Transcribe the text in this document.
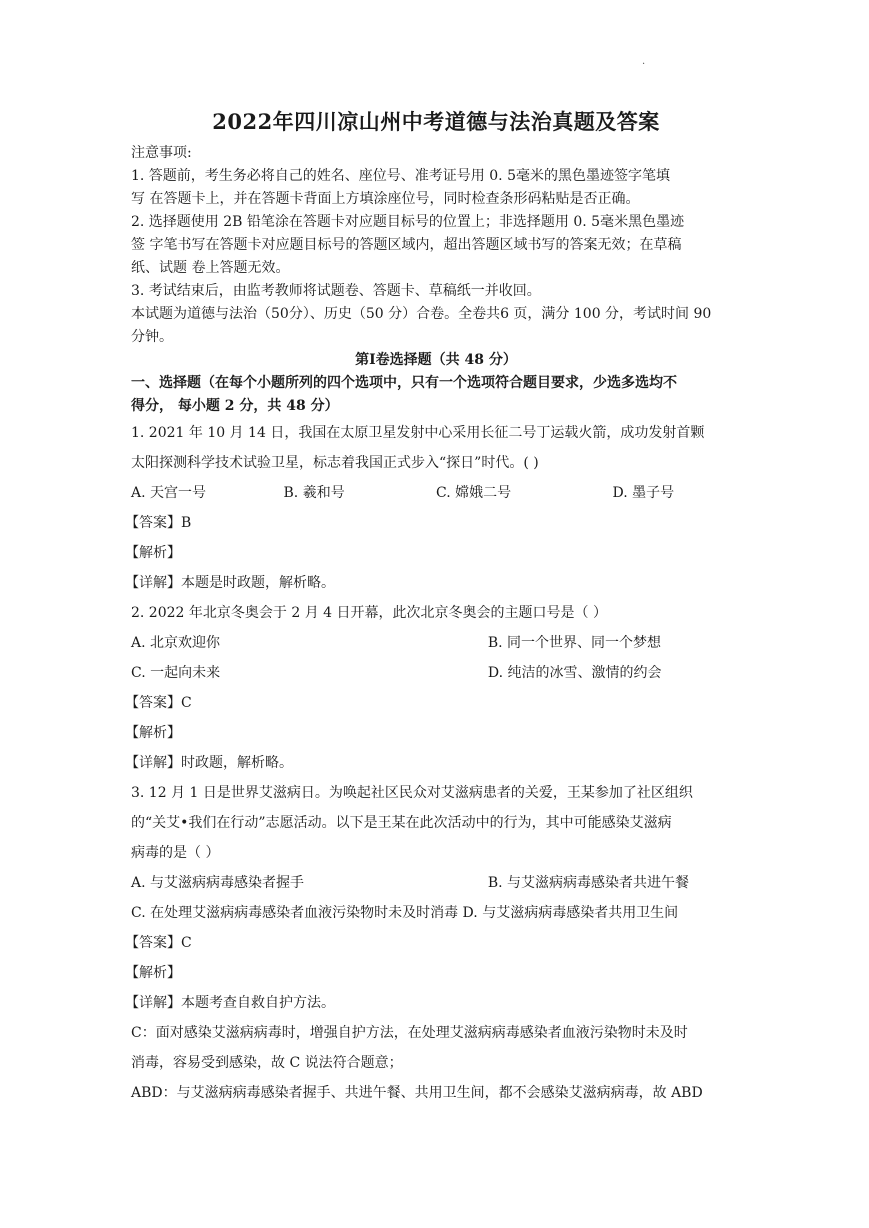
.
2022年四川凉山州中考道德与法治真题及答案

注意事项:

1. 答题前，考生务必将自己的姓名、座位号、准考证号用 0. 5毫米的黑色墨迹签字笔填

写 在答题卡上，并在答题卡背面上方填涂座位号，同时检查条形码粘贴是否正确。

2. 选择题使用 2B 铅笔涂在答题卡对应题目标号的位置上；非选择题用 0. 5毫米黑色墨迹

签 字笔书写在答题卡对应题目标号的答题区域内，超出答题区域书写的答案无效；在草稿

纸、试题 卷上答题无效。

3. 考试结束后，由监考教师将试题卷、答题卡、草稿纸一并收回。

本试题为道德与法治（50分）、历史（50 分）合卷。全卷共6 页，满分 100 分，考试时间 90

分钟。

第Ⅰ卷选择题（共 48 分）

一、选择题（在每个小题所列的四个选项中，只有一个选项符合题目要求，少选多选均不

得分， 每小题 2 分，共 48 分）

1. 2021 年 10 月 14 日，我国在太原卫星发射中心采用长征二号丁运载火箭，成功发射首颗

太阳探测科学技术试验卫星，标志着我国正式步入“探日”时代。( )

A. 天宫一号	B. 羲和号	C. 嫦娥二号	D. 墨子号

【答案】B

【解析】

【详解】本题是时政题，解析略。

2. 2022 年北京冬奥会于 2 月 4 日开幕，此次北京冬奥会的主题口号是（ ）

A. 北京欢迎你	B. 同一个世界、同一个梦想
C. 一起向未来	D. 纯洁的冰雪、激情的约会

【答案】C

【解析】

【详解】时政题，解析略。

3. 12 月 1 日是世界艾滋病日。为唤起社区民众对艾滋病患者的关爱，王某参加了社区组织

的“关艾•我们在行动”志愿活动。以下是王某在此次活动中的行为，其中可能感染艾滋病

病毒的是（ ）

A. 与艾滋病病毒感染者握手	B. 与艾滋病病毒感染者共进午餐

C. 在处理艾滋病病毒感染者血液污染物时未及时消毒 D. 与艾滋病病毒感染者共用卫生间

【答案】C

【解析】

【详解】本题考查自救自护方法。

C：面对感染艾滋病病毒时，增强自护方法，在处理艾滋病病毒感染者血液污染物时未及时

消毒，容易受到感染，故 C 说法符合题意；

ABD：与艾滋病病毒感染者握手、共进午餐、共用卫生间，都不会感染艾滋病病毒，故 ABD
